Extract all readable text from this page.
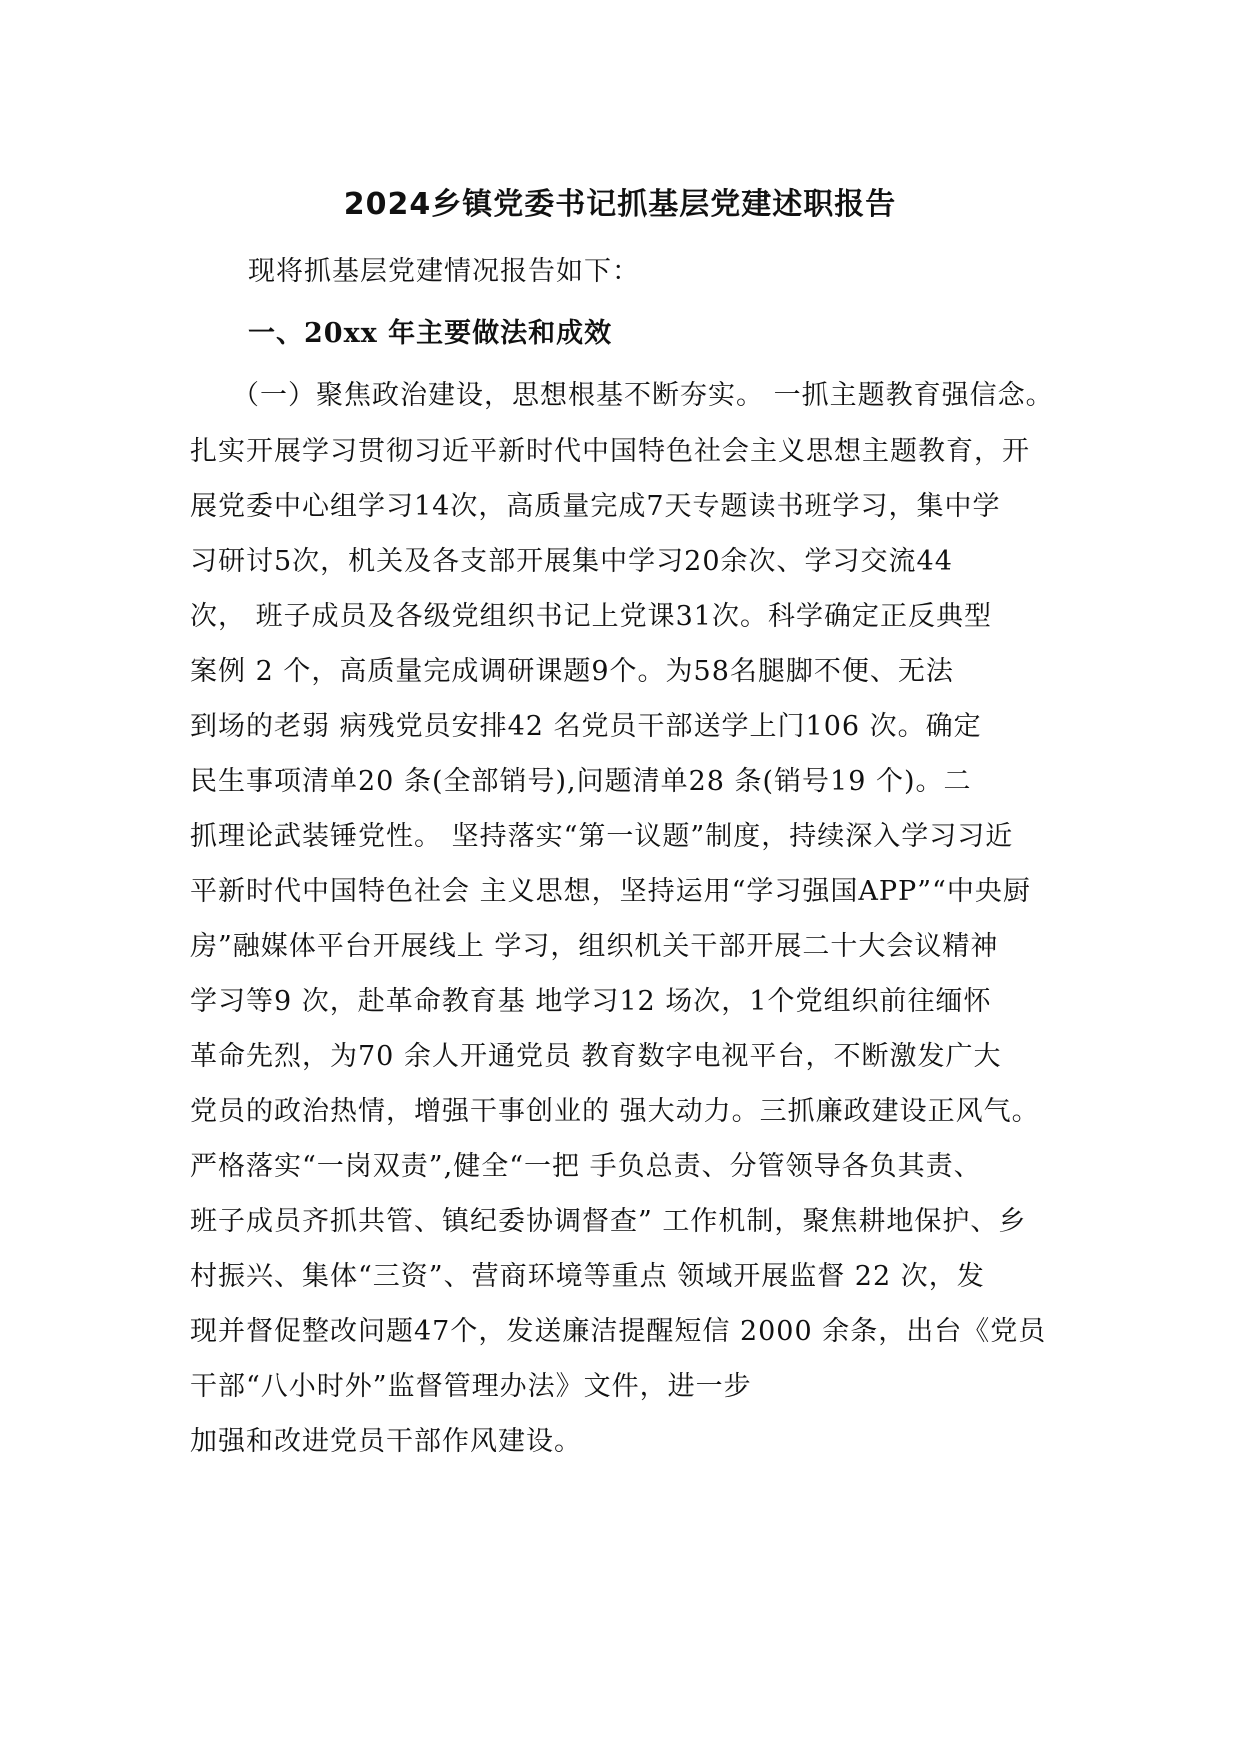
2024乡镇党委书记抓基层党建述职报告
现将抓基层党建情况报告如下：
一、20xx 年主要做法和成效
（一）聚焦政治建设，思想根基不断夯实。 一抓主题教育强信念。
扎实开展学习贯彻习近平新时代中国特色社会主义思想主题教育，开
展党委中心组学习14次，高质量完成7天专题读书班学习，集中学
习研讨5次，机关及各支部开展集中学习20余次、学习交流44
次， 班子成员及各级党组织书记上党课31次。科学确定正反典型
案例 2 个，高质量完成调研课题9个。为58名腿脚不便、无法
到场的老弱 病残党员安排42 名党员干部送学上门106 次。确定
民生事项清单20 条(全部销号),问题清单28 条(销号19 个)。二
抓理论武装锤党性。 坚持落实“第一议题”制度，持续深入学习习近
平新时代中国特色社会 主义思想，坚持运用“学习强国APP”“中央厨
房”融媒体平台开展线上 学习，组织机关干部开展二十大会议精神
学习等9 次，赴革命教育基 地学习12 场次，1个党组织前往缅怀
革命先烈，为70 余人开通党员 教育数字电视平台，不断激发广大
党员的政治热情，增强干事创业的 强大动力。三抓廉政建设正风气。
严格落实“一岗双责”,健全“一把 手负总责、分管领导各负其责、
班子成员齐抓共管、镇纪委协调督查” 工作机制，聚焦耕地保护、乡
村振兴、集体“三资”、营商环境等重点 领域开展监督 22 次，发
现并督促整改问题47个，发送廉洁提醒短信 2000 余条，出台《党员
干部“八小时外”监督管理办法》文件，进一步
加强和改进党员干部作风建设。
